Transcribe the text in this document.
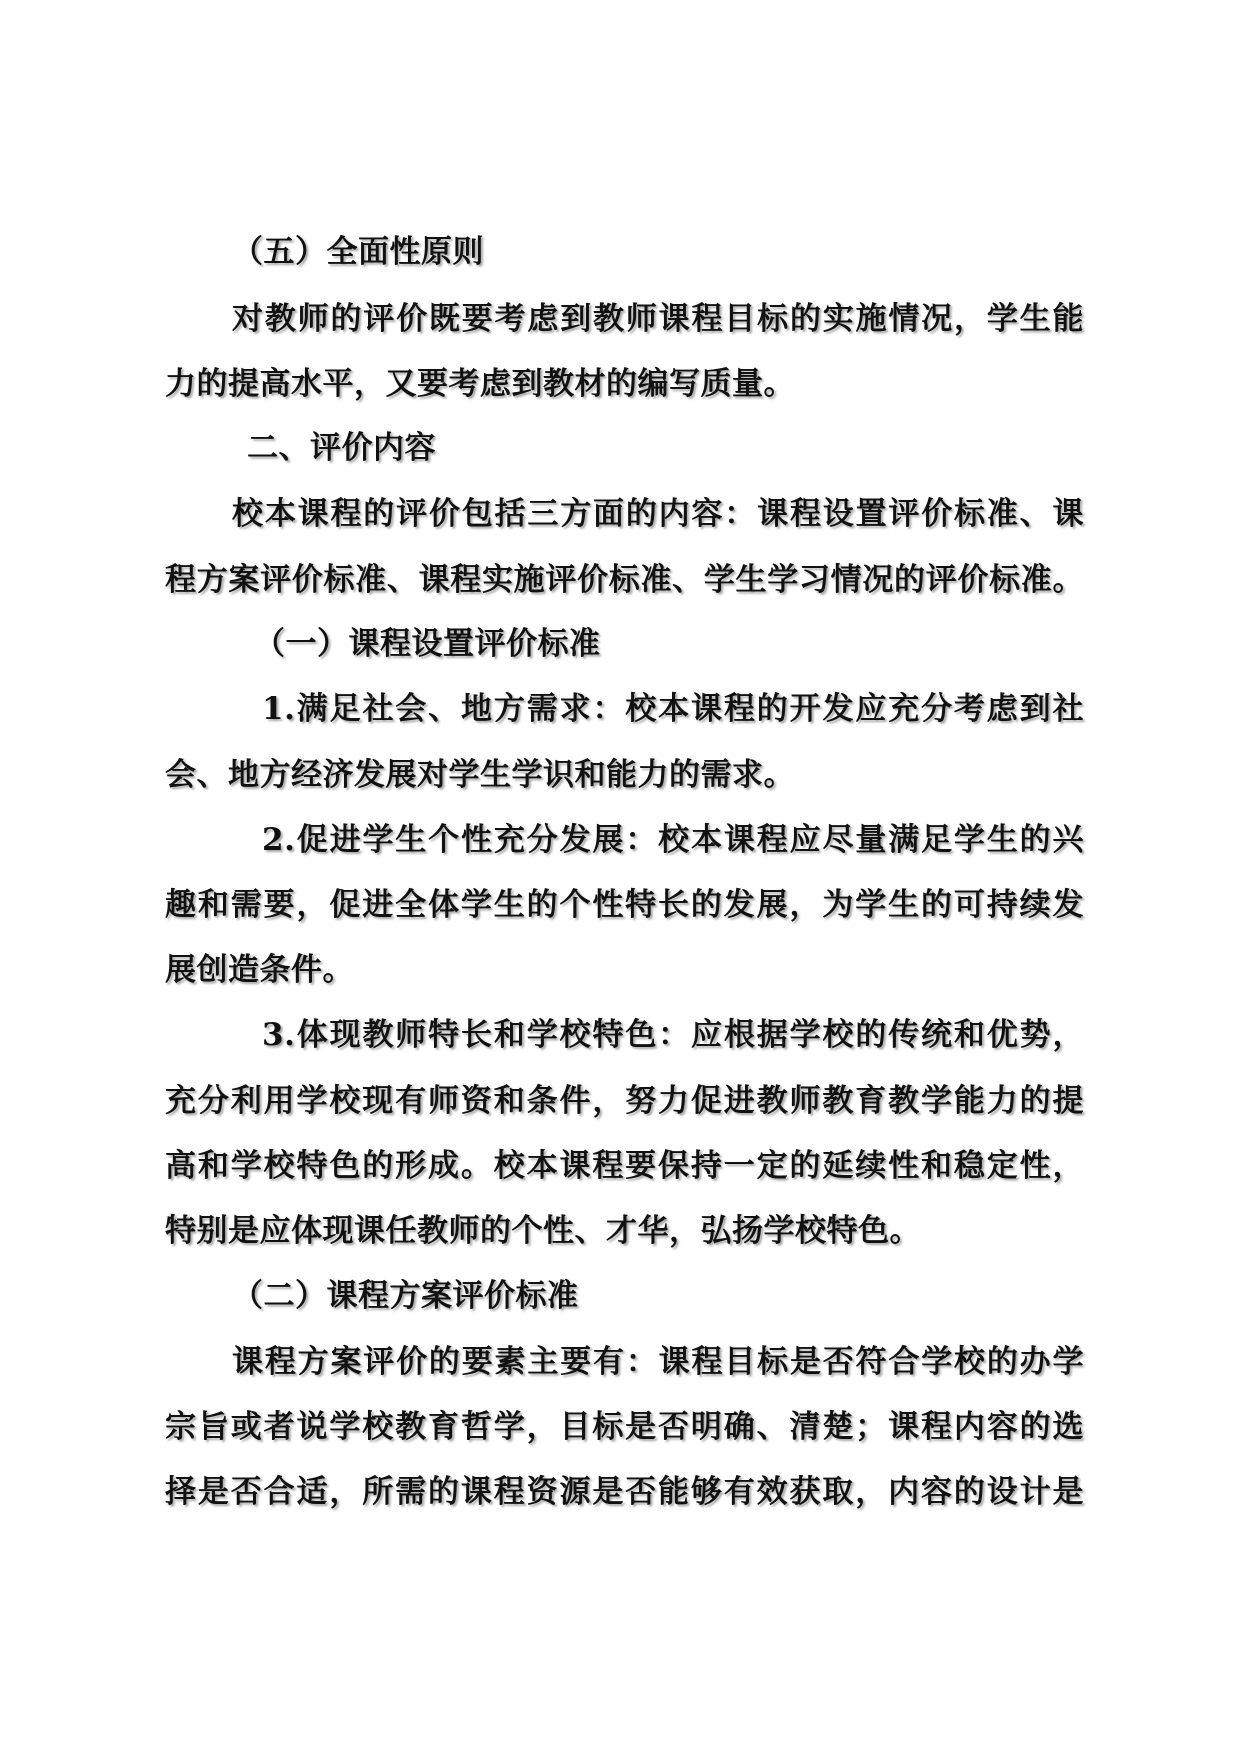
（五）全面性原则
对教师的评价既要考虑到教师课程目标的实施情况，学生能
力的提高水平，又要考虑到教材的编写质量。
二、评价内容
校本课程的评价包括三方面的内容：课程设置评价标准、课
程方案评价标准、课程实施评价标准、学生学习情况的评价标准。
（一）课程设置评价标准
1.满足社会、地方需求：校本课程的开发应充分考虑到社
会、地方经济发展对学生学识和能力的需求。
2.促进学生个性充分发展：校本课程应尽量满足学生的兴
趣和需要，促进全体学生的个性特长的发展，为学生的可持续发
展创造条件。
3.体现教师特长和学校特色：应根据学校的传统和优势，
充分利用学校现有师资和条件，努力促进教师教育教学能力的提
高和学校特色的形成。校本课程要保持一定的延续性和稳定性，
特别是应体现课任教师的个性、才华，弘扬学校特色。
（二）课程方案评价标准
课程方案评价的要素主要有：课程目标是否符合学校的办学
宗旨或者说学校教育哲学，目标是否明确、清楚；课程内容的选
择是否合适，所需的课程资源是否能够有效获取，内容的设计是
